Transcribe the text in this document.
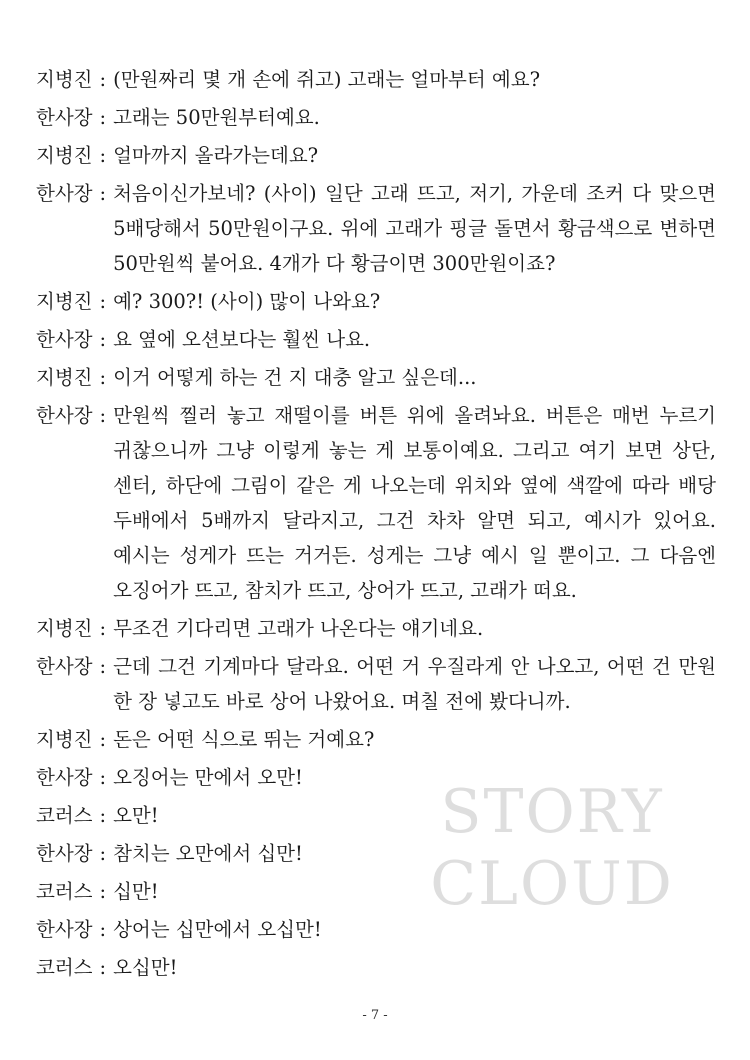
지병진 : (만원짜리 몇 개 손에 쥐고) 고래는 얼마부터 예요?
한사장 : 고래는 50만원부터예요.
지병진 : 얼마까지 올라가는데요?
한사장 : 처음이신가보네? (사이) 일단 고래 뜨고, 저기, 가운데 조커 다 맞으면 5배당해서 50만원이구요. 위에 고래가 핑글 돌면서 황금색으로 변하면 50만원씩 붙어요. 4개가 다 황금이면 300만원이죠?
지병진 : 예? 300?! (사이) 많이 나와요?
한사장 : 요 옆에 오션보다는 훨씬 나요.
지병진 : 이거 어떻게 하는 건 지 대충 알고 싶은데...
한사장 : 만원씩 찔러 놓고 재떨이를 버튼 위에 올려놔요. 버튼은 매번 누르기 귀찮으니까 그냥 이렇게 놓는 게 보통이예요. 그리고 여기 보면 상단, 센터, 하단에 그림이 같은 게 나오는데 위치와 옆에 색깔에 따라 배당 두배에서 5배까지 달라지고, 그건 차차 알면 되고, 예시가 있어요. 예시는 성게가 뜨는 거거든. 성게는 그냥 예시 일 뿐이고. 그 다음엔 오징어가 뜨고, 참치가 뜨고, 상어가 뜨고, 고래가 떠요.
지병진 : 무조건 기다리면 고래가 나온다는 얘기네요.
한사장 : 근데 그건 기계마다 달라요. 어떤 거 우질라게 안 나오고, 어떤 건 만원 한 장 넣고도 바로 상어 나왔어요. 며칠 전에 봤다니까.
지병진 : 돈은 어떤 식으로 뛰는 거예요?
한사장 : 오징어는 만에서 오만!
코러스 : 오만!
한사장 : 참치는 오만에서 십만!
코러스 : 십만!
한사장 : 상어는 십만에서 오십만!
코러스 : 오십만!
STORY
CLOUD
- 7 -
